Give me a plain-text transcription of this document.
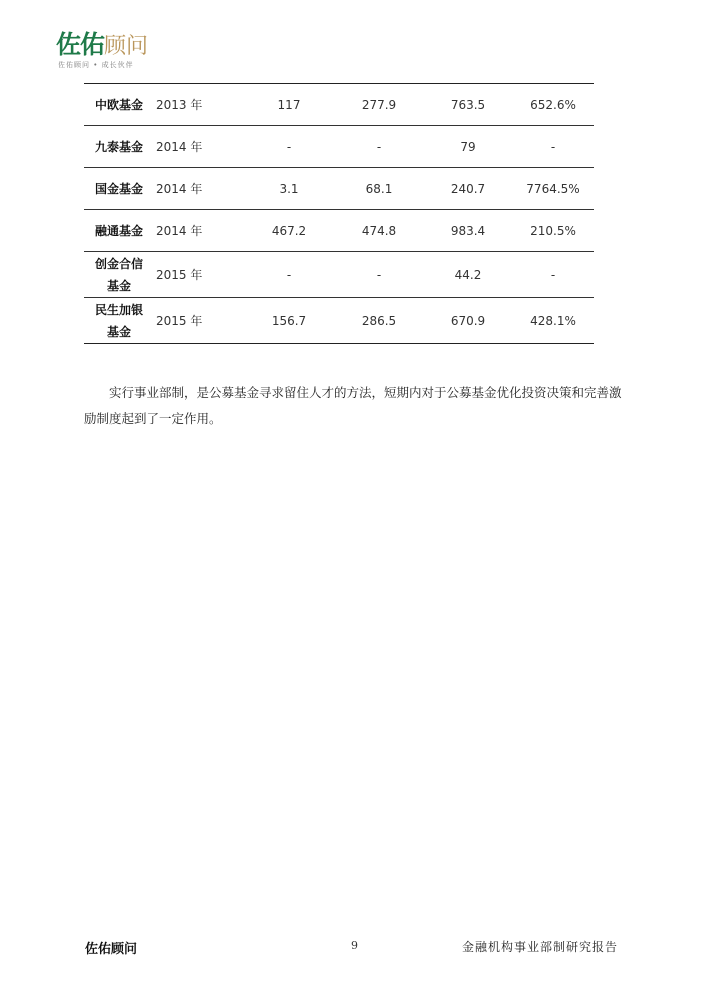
佐佑顾问
佐佑顾问 • 成长伙伴
中欧基金	2013 年	117	277.9	763.5	652.6%
九泰基金	2014 年	-	-	79	-
国金基金	2014 年	3.1	68.1	240.7	7764.5%
融通基金	2014 年	467.2	474.8	983.4	210.5%

创金合信
基金	2015 年	-	-	44.2	-

民生加银
基金	2015 年	156.7	286.5	670.9	428.1%

实行事业部制，是公募基金寻求留住人才的方法，短期内对于公募基金优化投资决策和完善激励制度起到了一定作用。

佐佑顾问	9	金融机构事业部制研究报告
